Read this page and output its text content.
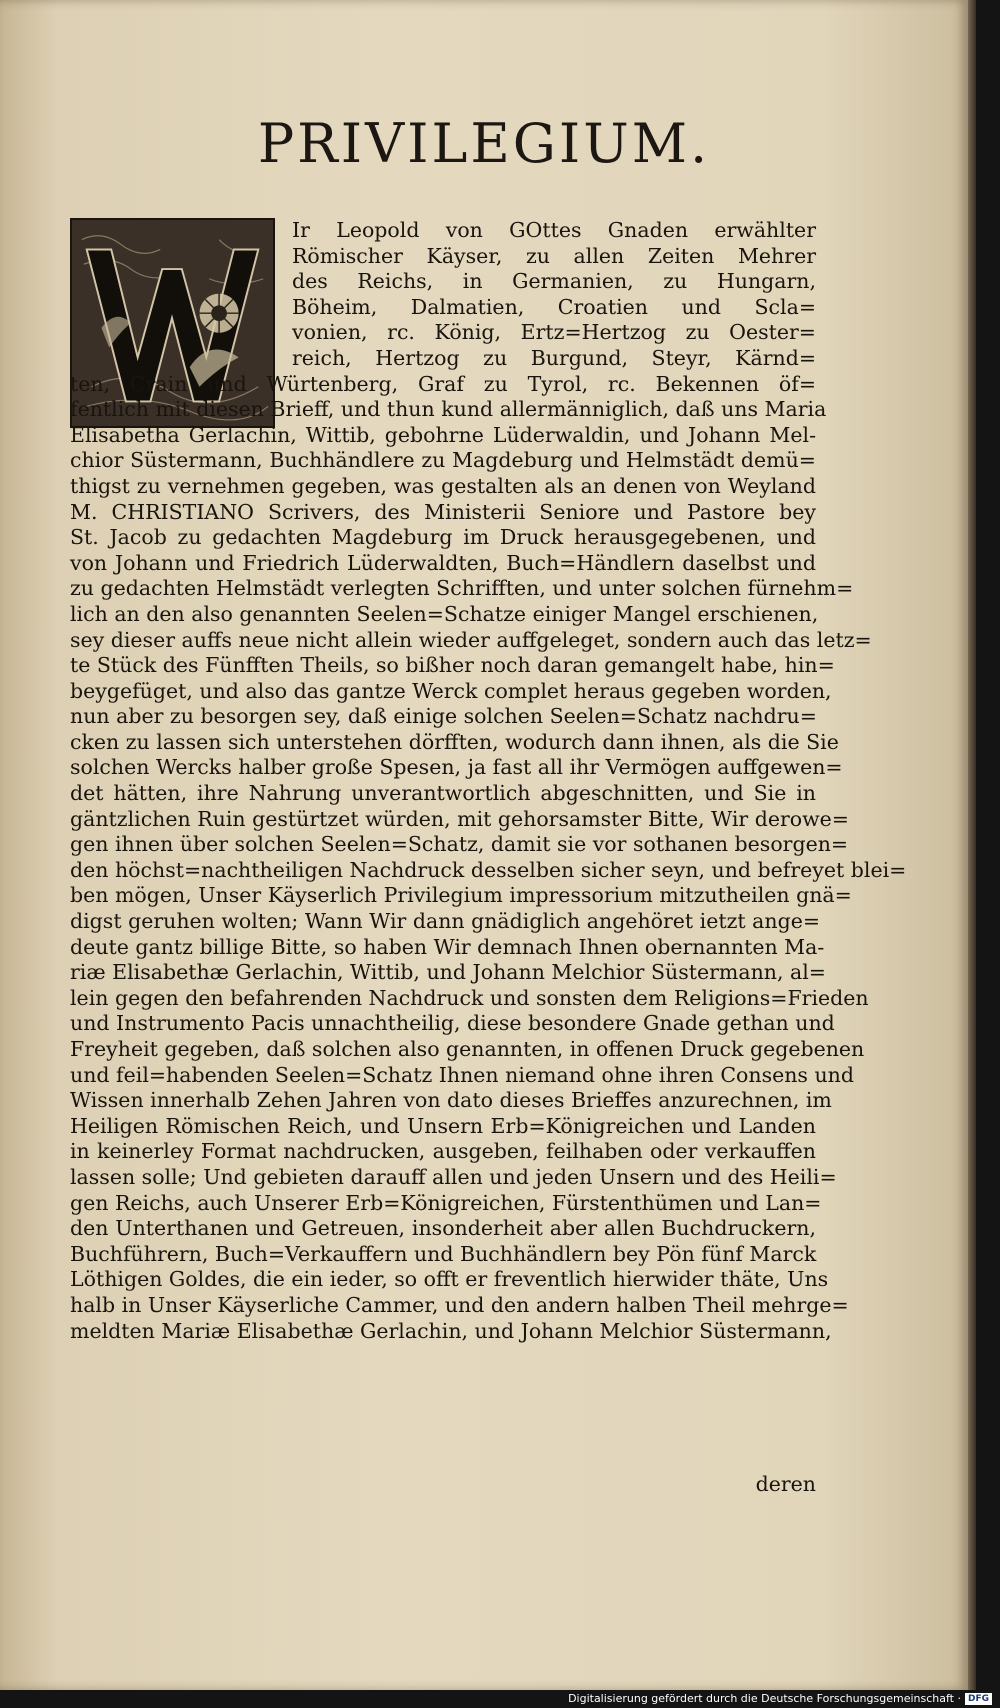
PRIVILEGIUM.
Ir Leopold von GOttes Gnaden erwählter
Römischer Käyser, zu allen Zeiten Mehrer
des Reichs, in Germanien, zu Hungarn,
Böheim, Dalmatien, Croatien und Scla=
vonien, rc. König, Ertz=Hertzog zu Oester=
reich, Hertzog zu Burgund, Steyr, Kärnd=
ten, Crain und Würtenberg, Graf zu Tyrol, rc. Bekennen öf=
fentlich mit diesen Brieff, und thun kund allermänniglich, daß uns Maria
Elisabetha Gerlachin, Wittib, gebohrne Lüderwaldin, und Johann Mel-
chior Süstermann, Buchhändlere zu Magdeburg und Helmstädt demü=
thigst zu vernehmen gegeben, was gestalten als an denen von Weyland
M. CHRISTIANO Scrivers, des Ministerii Seniore und Pastore bey
St. Jacob zu gedachten Magdeburg im Druck herausgegebenen, und
von Johann und Friedrich Lüderwaldten, Buch=Händlern daselbst und
zu gedachten Helmstädt verlegten Schrifften, und unter solchen fürnehm=
lich an den also genannten Seelen=Schatze einiger Mangel erschienen,
sey dieser auffs neue nicht allein wieder auffgeleget, sondern auch das letz=
te Stück des Fünfften Theils, so bißher noch daran gemangelt habe, hin=
beygefüget, und also das gantze Werck complet heraus gegeben worden,
nun aber zu besorgen sey, daß einige solchen Seelen=Schatz nachdru=
cken zu lassen sich unterstehen dörfften, wodurch dann ihnen, als die Sie
solchen Wercks halber große Spesen, ja fast all ihr Vermögen auffgewen=
det hätten, ihre Nahrung unverantwortlich abgeschnitten, und Sie in
gäntzlichen Ruin gestürtzet würden, mit gehorsamster Bitte, Wir derowe=
gen ihnen über solchen Seelen=Schatz, damit sie vor sothanen besorgen=
den höchst=nachtheiligen Nachdruck desselben sicher seyn, und befreyet blei=
ben mögen, Unser Käyserlich Privilegium impressorium mitzutheilen gnä=
digst geruhen wolten; Wann Wir dann gnädiglich angehöret ietzt ange=
deute gantz billige Bitte, so haben Wir demnach Ihnen obernannten Ma-
riæ Elisabethæ Gerlachin, Wittib, und Johann Melchior Süstermann, al=
lein gegen den befahrenden Nachdruck und sonsten dem Religions=Frieden
und Instrumento Pacis unnachtheilig, diese besondere Gnade gethan und
Freyheit gegeben, daß solchen also genannten, in offenen Druck gegebenen
und feil=habenden Seelen=Schatz Ihnen niemand ohne ihren Consens und
Wissen innerhalb Zehen Jahren von dato dieses Brieffes anzurechnen, im
Heiligen Römischen Reich, und Unsern Erb=Königreichen und Landen
in keinerley Format nachdrucken, ausgeben, feilhaben oder verkauffen
lassen solle; Und gebieten darauff allen und jeden Unsern und des Heili=
gen Reichs, auch Unserer Erb=Königreichen, Fürstenthümen und Lan=
den Unterthanen und Getreuen, insonderheit aber allen Buchdruckern,
Buchführern, Buch=Verkauffern und Buchhändlern bey Pön fünf Marck
Löthigen Goldes, die ein ieder, so offt er freventlich hierwider thäte, Uns
halb in Unser Käyserliche Cammer, und den andern halben Theil mehrge=
meldten Mariæ Elisabethæ Gerlachin, und Johann Melchior Süstermann,
deren
Digitalisierung gefördert durch die Deutsche Forschungsgemeinschaft · DFG
